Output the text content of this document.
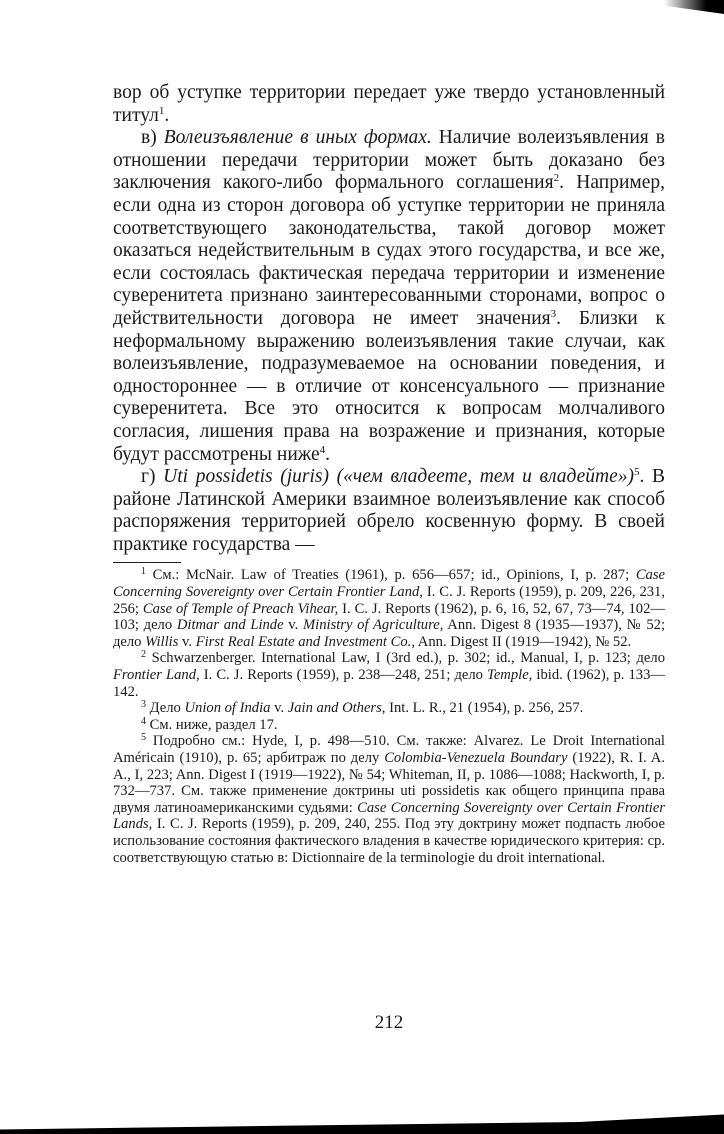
вор об уступке территории передает уже твердо установленный титул$^1$.

в) Волеизъявление в иных формах. Наличие волеизъявления в отношении передачи территории может быть доказано без заключения какого-либо формального соглашения$^2$. Например, если одна из сторон договора об уступке территории не приняла соответствующего законодательства, такой договор может оказаться недействительным в судах этого государства, и все же, если состоялась фактическая передача территории и изменение суверенитета признано заинтересованными сторонами, вопрос о действительности договора не имеет значения$^3$. Близки к неформальному выражению волеизъявления такие случаи, как волеизъявление, подразумеваемое на основании поведения, и одностороннее — в отличие от консенсуального — признание суверенитета. Все это относится к вопросам молчаливого согласия, лишения права на возражение и признания, которые будут рассмотрены ниже$^4$.

г) Uti possidetis (juris) («чем владеете, тем и владейте»)$^5$. В районе Латинской Америки взаимное волеизъявление как способ распоряжения территорией обрело косвенную форму. В своей практике государства —

$^1$ См.: McNair. Law of Treaties (1961), p. 656—657; id., Opinions, I, p. 287; Case Concerning Sovereignty over Certain Frontier Land, I. C. J. Reports (1959), p. 209, 226, 231, 256; Case of Temple of Preach Vihear, I. C. J. Reports (1962), p. 6, 16, 52, 67, 73—74, 102—103; дело Ditmar and Linde v. Ministry of Agriculture, Ann. Digest 8 (1935—1937), № 52; дело Willis v. First Real Estate and Investment Co., Ann. Digest II (1919—1942), № 52.

$^2$ Schwarzenberger. International Law, I (3rd ed.), p. 302; id., Manual, I, p. 123; дело Frontier Land, I. C. J. Reports (1959), p. 238—248, 251; дело Temple, ibid. (1962), p. 133—142.

$^3$ Дело Union of India v. Jain and Others, Int. L. R., 21 (1954), p. 256, 257.

$^4$ См. ниже, раздел 17.

$^5$ Подробно см.: Hyde, I, p. 498—510. См. также: Alvarez. Le Droit International Américain (1910), p. 65; арбитраж по делу Colombia-Venezuela Boundary (1922), R. I. A. A., I, 223; Ann. Digest I (1919—1922), № 54; Whiteman, II, p. 1086—1088; Hackworth, I, p. 732—737. См. также применение доктрины uti possidetis как общего принципа права двумя латиноамериканскими судьями: Case Concerning Sovereignty over Certain Frontier Lands, I. C. J. Reports (1959), p. 209, 240, 255. Под эту доктрину может подпасть любое использование состояния фактического владения в качестве юридического критерия: ср. соответствующую статью в: Dictionnaire de la terminologie du droit international.

212
